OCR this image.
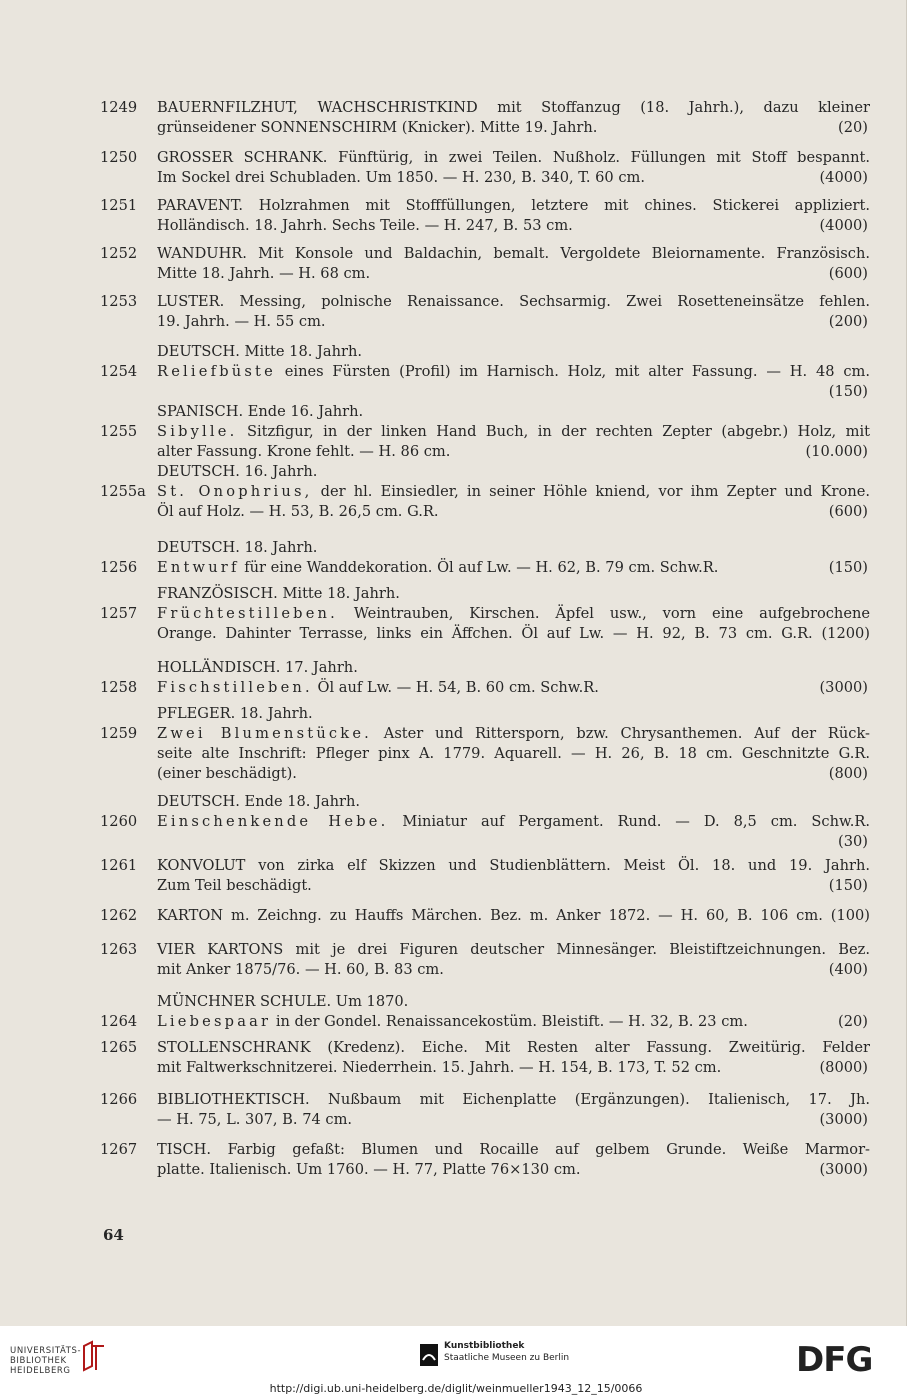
1249	BAUERNFILZHUT, WACHSCHRISTKIND mit Stoffanzug (18. Jahrh.), dazu kleiner
grünseidener SONNENSCHIRM (Knicker). Mitte 19. Jahrh.	(20)
1250	GROSSER SCHRANK. Fünftürig, in zwei Teilen. Nußholz. Füllungen mit Stoff bespannt.
Im Sockel drei Schubladen. Um 1850. — H. 230, B. 340, T. 60 cm.	(4000)
1251	PARAVENT. Holzrahmen mit Stofffüllungen, letztere mit chines. Stickerei appliziert.
Holländisch. 18. Jahrh. Sechs Teile. — H. 247, B. 53 cm.	(4000)
1252	WANDUHR. Mit Konsole und Baldachin, bemalt. Vergoldete Bleiornamente. Französisch.
Mitte 18. Jahrh. — H. 68 cm.	(600)
1253	LUSTER. Messing, polnische Renaissance. Sechsarmig. Zwei Rosetteneinsätze fehlen.
19. Jahrh. — H. 55 cm.	(200)
DEUTSCH. Mitte 18. Jahrh.
1254	Reliefbüste eines Fürsten (Profil) im Harnisch. Holz, mit alter Fassung. — H. 48 cm.
(150)
SPANISCH. Ende 16. Jahrh.
1255	Sibylle. Sitzfigur, in der linken Hand Buch, in der rechten Zepter (abgebr.) Holz, mit
alter Fassung. Krone fehlt. — H. 86 cm.	(10.000)
DEUTSCH. 16. Jahrh.
1255a St. Onophrius, der hl. Einsiedler, in seiner Höhle kniend, vor ihm Zepter und Krone.
Öl auf Holz. — H. 53, B. 26,5 cm. G.R.	(600)
DEUTSCH. 18. Jahrh.
1256	Entwurf für eine Wanddekoration. Öl auf Lw. — H. 62, B. 79 cm. Schw.R.	(150)
FRANZÖSISCH. Mitte 18. Jahrh.
1257	Früchtestilleben. Weintrauben, Kirschen. Äpfel usw., vorn eine aufgebrochene
Orange. Dahinter Terrasse, links ein Äffchen. Öl auf Lw. — H. 92, B. 73 cm. G.R. (1200)
HOLLÄNDISCH. 17. Jahrh.
1258	Fischstilleben. Öl auf Lw. — H. 54, B. 60 cm. Schw.R.	(3000)
PFLEGER. 18. Jahrh.
1259	Zwei Blumenstücke. Aster und Rittersporn, bzw. Chrysanthemen. Auf der Rück-
seite alte Inschrift: Pfleger pinx A. 1779. Aquarell. — H. 26, B. 18 cm. Geschnitzte G.R.
(einer beschädigt).	(800)
DEUTSCH. Ende 18. Jahrh.
1260	Einschenkende Hebe. Miniatur auf Pergament. Rund. — D. 8,5 cm. Schw.R.
(30)
1261	KONVOLUT von zirka elf Skizzen und Studienblättern. Meist Öl. 18. und 19. Jahrh.
Zum Teil beschädigt.	(150)
1262	KARTON m. Zeichng. zu Hauffs Märchen. Bez. m. Anker 1872. — H. 60, B. 106 cm. (100)
1263	VIER KARTONS mit je drei Figuren deutscher Minnesänger. Bleistiftzeichnungen. Bez.
mit Anker 1875/76. — H. 60, B. 83 cm.	(400)
MÜNCHNER SCHULE. Um 1870.
1264	Liebespaar in der Gondel. Renaissancekostüm. Bleistift. — H. 32, B. 23 cm.	(20)
1265	STOLLENSCHRANK (Kredenz). Eiche. Mit Resten alter Fassung. Zweitürig. Felder
mit Faltwerkschnitzerei. Niederrhein. 15. Jahrh. — H. 154, B. 173, T. 52 cm.	(8000)
1266	BIBLIOTHEKTISCH. Nußbaum mit Eichenplatte (Ergänzungen). Italienisch, 17. Jh.
— H. 75, L. 307, B. 74 cm.	(3000)
1267	TISCH. Farbig gefaßt: Blumen und Rocaille auf gelbem Grunde. Weiße Marmor-
platte. Italienisch. Um 1760. — H. 77, Platte 76×130 cm.	(3000)
64
UNIVERSITÄTS-
BIBLIOTHEK
HEIDELBERG
Kunstbibliothek
Staatliche Museen zu Berlin	DFG
http://digi.ub.uni-heidelberg.de/diglit/weinmueller1943_12_15/0066
